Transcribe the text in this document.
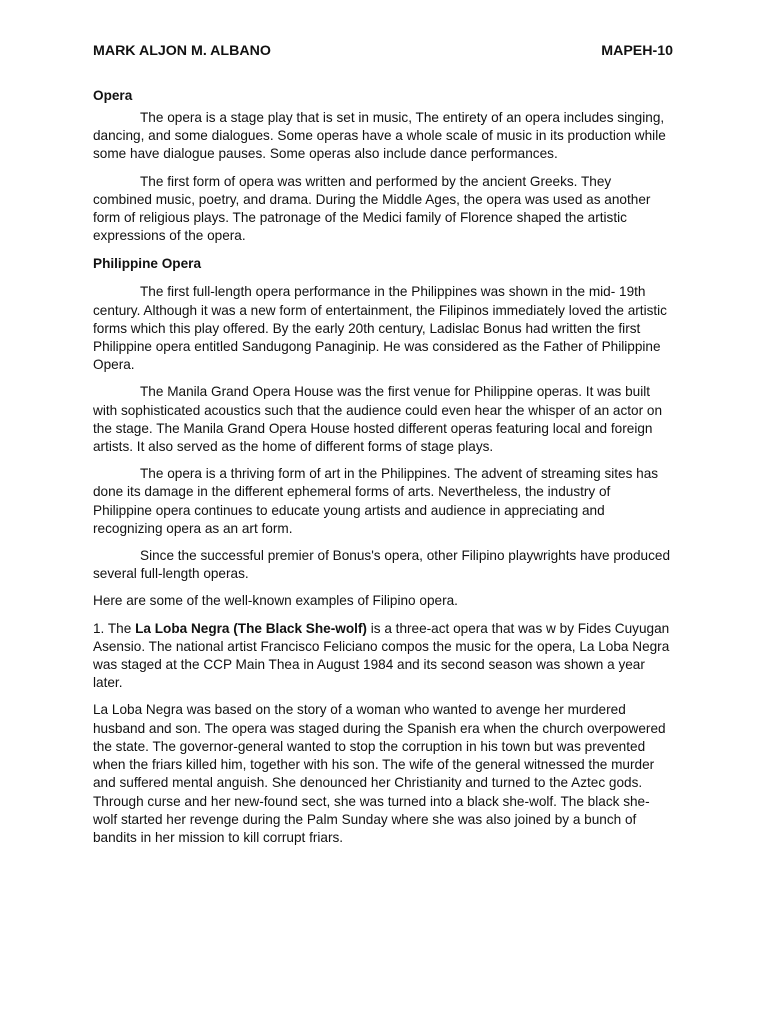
MARK ALJON M. ALBANO	MAPEH-10
Opera

The opera is a stage play that is set in music, The entirety of an opera includes singing, dancing, and some dialogues. Some operas have a whole scale of music in its production while some have dialogue pauses. Some operas also include dance performances.

The first form of opera was written and performed by the ancient Greeks. They combined music, poetry, and drama. During the Middle Ages, the opera was used as another form of religious plays. The patronage of the Medici family of Florence shaped the artistic expressions of the opera.

Philippine Opera

The first full-length opera performance in the Philippines was shown in the mid- 19th century. Although it was a new form of entertainment, the Filipinos immediately loved the artistic forms which this play offered. By the early 20th century, Ladislac Bonus had written the first Philippine opera entitled Sandugong Panaginip. He was considered as the Father of Philippine Opera.

The Manila Grand Opera House was the first venue for Philippine operas. It was built with sophisticated acoustics such that the audience could even hear the whisper of an actor on the stage. The Manila Grand Opera House hosted different operas featuring local and foreign artists. It also served as the home of different forms of stage plays.

The opera is a thriving form of art in the Philippines. The advent of streaming sites has done its damage in the different ephemeral forms of arts. Nevertheless, the industry of Philippine opera continues to educate young artists and audience in appreciating and recognizing opera as an art form.

Since the successful premier of Bonus's opera, other Filipino playwrights have produced several full-length operas.

Here are some of the well-known examples of Filipino opera.

1. The La Loba Negra (The Black She-wolf) is a three-act opera that was w by Fides Cuyugan Asensio. The national artist Francisco Feliciano compos the music for the opera, La Loba Negra was staged at the CCP Main Thea in August 1984 and its second season was shown a year later.

La Loba Negra was based on the story of a woman who wanted to avenge her murdered husband and son. The opera was staged during the Spanish era when the church overpowered the state. The governor-general wanted to stop the corruption in his town but was prevented when the friars killed him, together with his son. The wife of the general witnessed the murder and suffered mental anguish. She denounced her Christianity and turned to the Aztec gods. Through curse and her new-found sect, she was turned into a black she-wolf. The black she-wolf started her revenge during the Palm Sunday where she was also joined by a bunch of bandits in her mission to kill corrupt friars.
